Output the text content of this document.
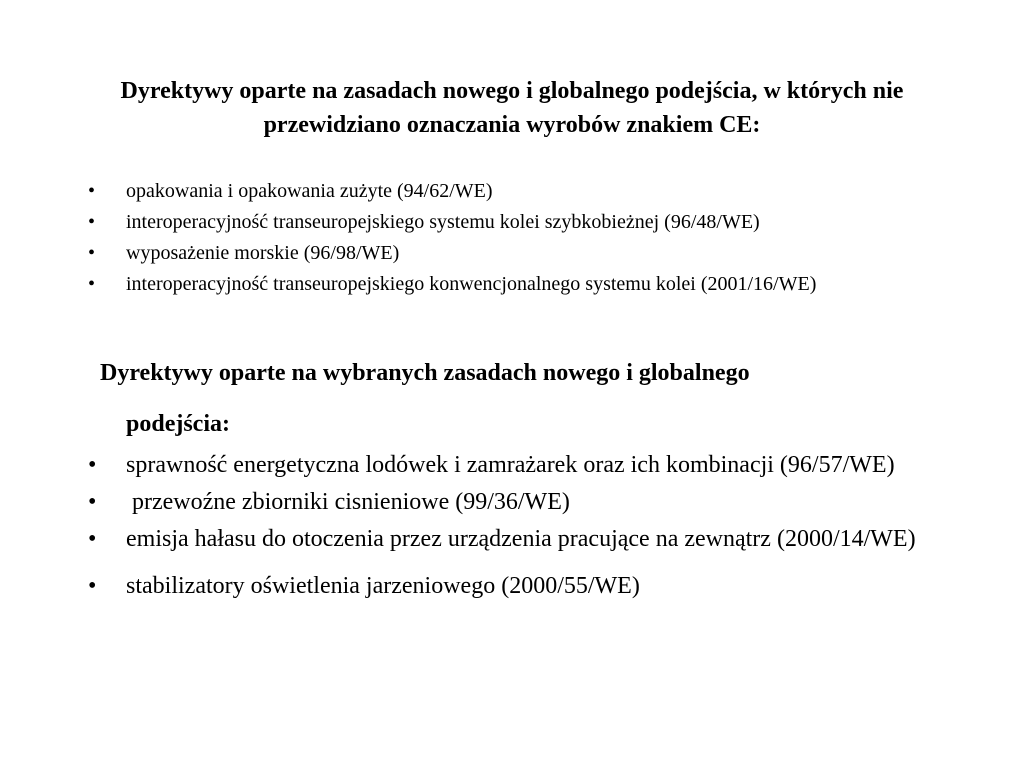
Dyrektywy oparte na zasadach nowego i globalnego podejścia, w których nie przewidziano oznaczania wyrobów znakiem CE:
• opakowania i opakowania zużyte (94/62/WE)
• interoperacyjność transeuropejskiego systemu kolei szybkobieżnej (96/48/WE)
• wyposażenie morskie (96/98/WE)
• interoperacyjność transeuropejskiego konwencjonalnego systemu kolei (2001/16/WE)
Dyrektywy oparte na wybranych zasadach nowego i globalnego
podejścia:
• sprawność energetyczna lodówek i zamrażarek oraz ich kombinacji (96/57/WE)
• przewoźne zbiorniki cisnieniowe (99/36/WE)
• emisja hałasu do otoczenia przez urządzenia pracujące na zewnątrz (2000/14/WE)
• stabilizatory oświetlenia jarzeniowego (2000/55/WE)
